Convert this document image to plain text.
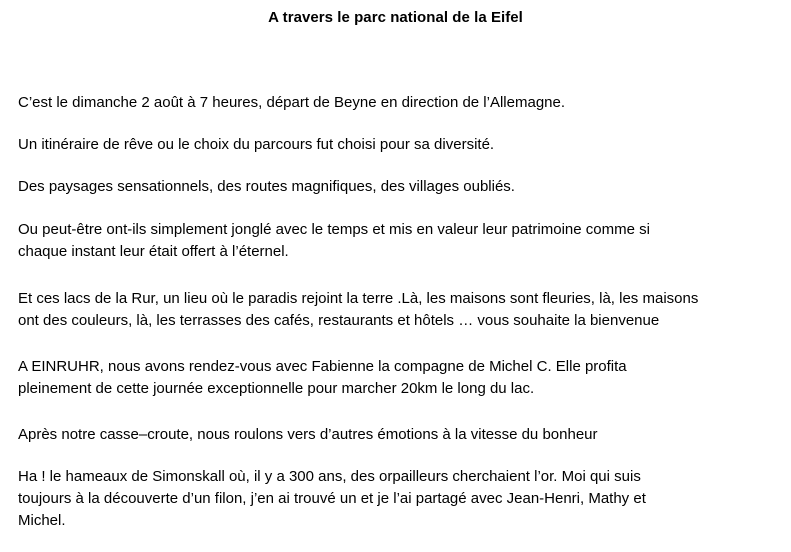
A travers le parc national de la Eifel

C’est le dimanche 2 août à 7 heures, départ de Beyne en direction de l’Allemagne.

Un itinéraire de rêve ou le choix du parcours fut choisi pour sa diversité.

Des paysages sensationnels, des routes magnifiques, des villages oubliés.

Ou peut-être ont-ils simplement jonglé avec le temps et mis en valeur leur patrimoine comme si
chaque instant leur était offert à l’éternel.

Et ces lacs de la Rur, un lieu où le paradis rejoint la terre .Là, les maisons sont fleuries, là, les maisons
ont des couleurs, là, les terrasses des cafés, restaurants et hôtels … vous souhaite la bienvenue

A EINRUHR, nous avons rendez-vous avec Fabienne la compagne de Michel C. Elle profita
pleinement de cette journée exceptionnelle pour marcher 20km le long du lac.

Après notre casse–croute, nous roulons vers d’autres émotions à la vitesse du bonheur

Ha ! le hameaux de Simonskall où, il y a 300 ans, des orpailleurs cherchaient l’or. Moi qui suis
toujours à la découverte d’un filon, j’en ai trouvé un et je l’ai partagé avec Jean-Henri, Mathy et
Michel.
